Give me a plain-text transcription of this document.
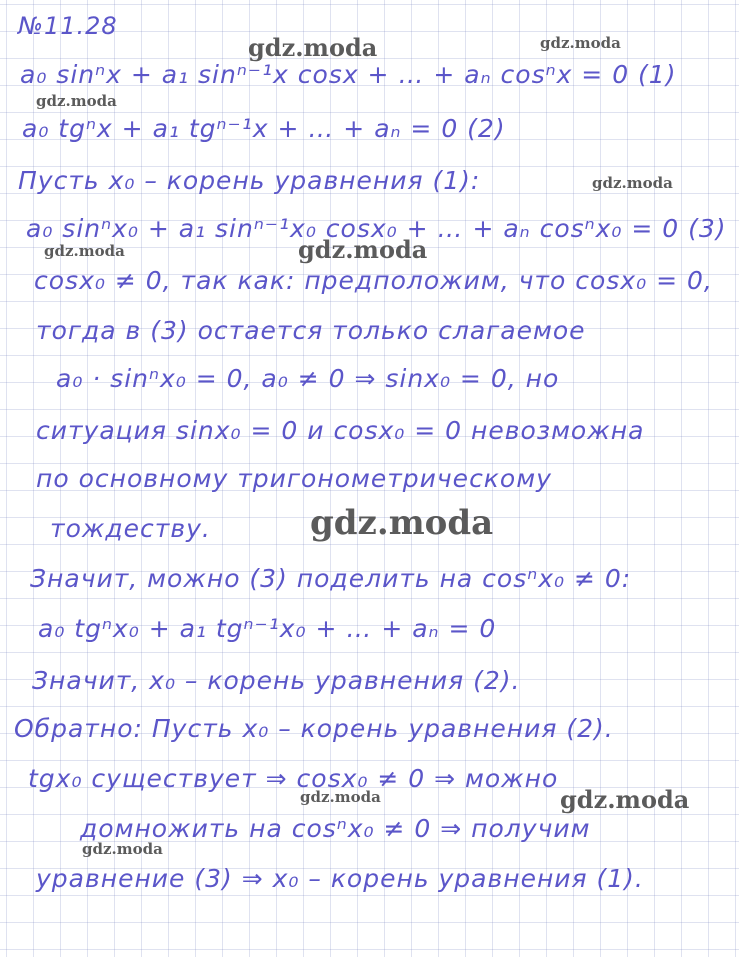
№11.28
a₀ sinⁿx + a₁ sinⁿ⁻¹x cosx + … + aₙ cosⁿx = 0 (1)
a₀ tgⁿx + a₁ tgⁿ⁻¹x + … + aₙ = 0 (2)
Пусть x₀ – корень уравнения (1):
a₀ sinⁿx₀ + a₁ sinⁿ⁻¹x₀ cosx₀ + … + aₙ cosⁿx₀ = 0 (3)
cosx₀ ≠ 0, так как: предположим, что cosx₀ = 0,
тогда в (3) остается только слагаемое
a₀ · sinⁿx₀ = 0, a₀ ≠ 0 ⇒ sinx₀ = 0, но
ситуация sinx₀ = 0 и cosx₀ = 0 невозможна
по основному тригонометрическому
тождеству.
Значит, можно (3) поделить на cosⁿx₀ ≠ 0:
a₀ tgⁿx₀ + a₁ tgⁿ⁻¹x₀ + … + aₙ = 0
Значит, x₀ – корень уравнения (2).
Обратно: Пусть x₀ – корень уравнения (2).
tgx₀ существует ⇒ cosx₀ ≠ 0 ⇒ можно
домножить на cosⁿx₀ ≠ 0 ⇒ получим
уравнение (3) ⇒ x₀ – корень уравнения (1).
gdz.moda	gdz.moda
gdz.moda
gdz.moda
gdz.moda
gdz.moda
gdz.moda
gdz.moda	gdz.moda
gdz.moda
